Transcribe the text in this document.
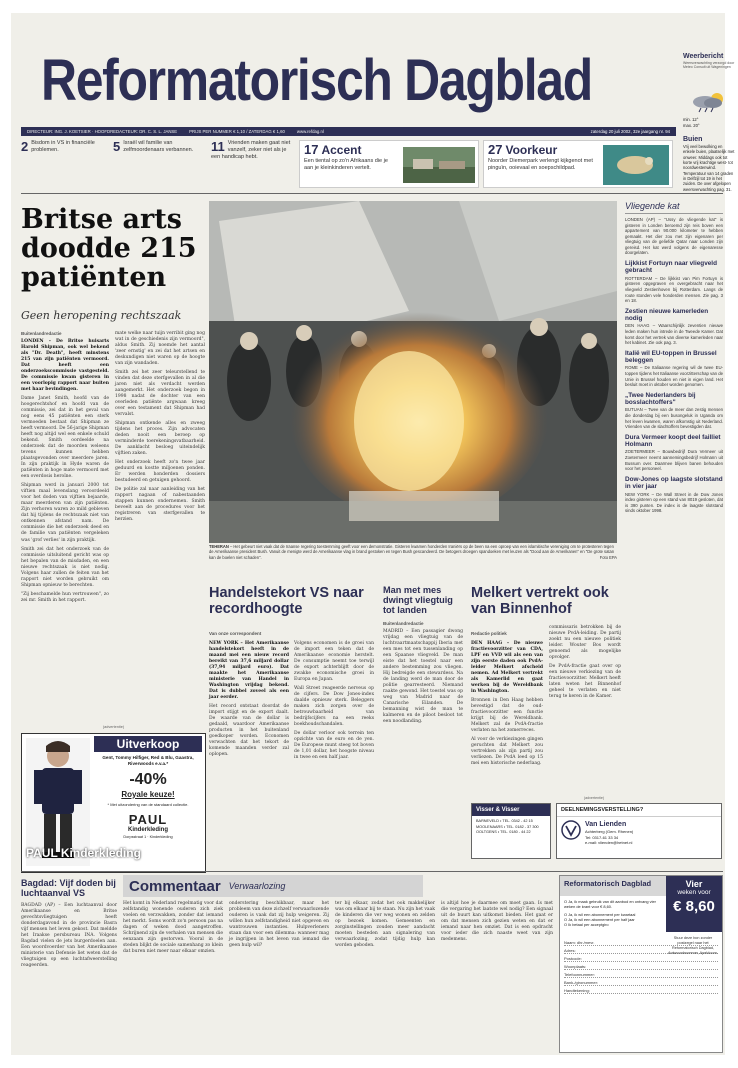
Reformatorisch Dagblad	Weerbericht
Weersverwachting verzorgd door Meteo Consult uit Wageningen
min. 12°
max. 20°
Buien
Vrij veel bewolking en enkele buien, plaatselijk met onweer. Middags ook tot korte vrij krachtige west- tot noordwestenwind. Temperatuur van 14 graden in Delfzijl tot 19 in het zuiden. De over afgelopen weersverwachting pag. 31.
DIRECTEUR: ING. J. KOETSIER · HOOFDREDACTEUR: DR. C. S. L. JANSE	PRIJS PER NUMMER € 1,10 / ZATERDAG € 1,60	www.refdag.nl	zaterdag 20 juli 2002, 32e jaargang nr. 94
2 Bisdom in VS in financiële problemen.	5 Israël wil familie van zelfmoordenaars verbannen.	11 Vrienden maken gaat niet vanzelf, zeker niet als je een handicap hebt.	17 Accent
Een tiental op zo'n Afrikaans die je aan je kleinkinderen vertelt.
27 Voorkeur
Noorder Diemerpark verlengt kijkgenot met pinguïn, ooievaal en soepschildpad.
Britse arts doodde 215 patiënten
Geen heropening rechtszaak
Buitenlandredactie

LONDEN – De Britse huisarts Harold Shipman, ook wel bekend als "Dr. Death", heeft minstens 215 van zijn patiënten vermoord. Dat heeft een onderzoekscommissie vastgesteld. De commissie kwam gisteren in een voorlopig rapport naar buiten met haar bevindingen.

Dame Janet Smith, hoofd van de hoogerechtshof en hoofd van de commissie, zei dat in het geval van nog eens 45 patiënten een sterk vermoeden bestaat dat Shipman ze heeft vermoord. De 56-jarige Shipman heeft nog altijd wel een enkele schuld bekend. Smith oordeelde na onderzoek dat de moorden weleens tevens kunnen hebben plaatsgevonden over meerdere jaren. In zijn praktijk in Hyde waren de patiënten in hoge mate vermoord met een overdosis heroïne.

Shipman werd in januari 2000 tot viftien maal levenslang veroordeeld voor het doden van vijftien bejaarde, maar meerderen van zijn patiënten. Zijn verhoren waren zo mild gebleven dat hij tijdens de rechtszaak niet van ontkennen afstand nam. De commissie die het onderzoek deed en de familie van patiënten vergeleken was 'grof verlies' in zijn praktijk.

Smith zei dat het onderzoek van de commissie uitsluitend gericht was op het bepalen van de misdaden, en een nieuwe rechtszaak is niet nodig. Volgens haar zullen de feiten van het rapport niet worden gebruikt om Shipman opnieuw te berechten.

"Zij beschamelde hun vertrouwen", zo zei mr. Smith in het rapport.

mate welke naar tuijn verribit ging nog wat in de geschiedenis zijn vermoord", aldus Smith. Zij noemde het aantal 'zeer ernstig' en zei dat het artsen en deskundigen niet waren op de hoogte van zijn wandaden.

Smith zei het zeer teleurstellend te vinden dat deze sterfgevallen in al die jaren niet als verdacht werden aangemerkt. Het onderzoek begon in 1998 nadat de dochter van een overleden patiënte argwaan kreeg over een testament dat Shipman had vervalst.

Shipman ontkende alles en zweeg tijdens het proces. Zijn advocaten deden nooit een beroep op verminderde toerekeningsvatbaarheid. De aanklacht besloeg uiteindelijk vijftien zaken.

Het onderzoek heeft zo'n twee jaar geduurd en kostte miljoenen ponden. Er werden honderden dossiers bestudeerd en getuigen gehoord.

De politie zal naar aanleiding van het rapport nagaan of nabestaanden stappen kunnen ondernemen. Smith beveelt aan de procedures voor het registreren van sterfgevallen te herzien.

TEHERAN – Het gebeurt niet vaak dat de Iraanse regering toestemming geeft voor een demonstratie. Gisteren kwamen honderden Iraniërs op de been na een oproep van een islamitische vereniging om te protesteren tegen de Amerikaanse president Bush. Vanuit de menigte werd de Amerikaanse vlag in brand gestoken en tegen Bush gescandeerd. De betogers droegen spandoeken met leuzen als "Dood aan de Amerikanen" en "De grote satan kan de boelen niet schaden".	Foto EPA
Vliegende kat
LONDEN (AP) – "Ussy de vliegende kat" is gisteren in Londen beroemd zijn reis boven een appartement van 90.000 kilometer te hebben gemaakt. Het dier zou met zijn eigenaren per vliegtuig van de geliefde Qatar naar Londen zijn gereisd. Het kat werd volgens de eigenaresse doorgelaten.
Lijkkist Fortuyn naar vliegveld gebracht
ROTTERDAM – De lijkkist van Pim Fortuyn is gisteren opgegraven en overgebracht naar het vliegveld Zestienhoven bij Rotterdam. Langs de route stonden vele honderden mensen. Zie pag. 3 en 18.
Zestien nieuwe kamerleden nodig
DEN HAAG – Waarschijnlijk zeventien nieuwe leden maken hun intrede in de Tweede Kamer. Dat komt door het vertrek van diverse kamerleden naar het kabinet. Zie ook pag. 3.
Italië wil EU-toppen in Brussel beleggen
ROME – De Italiaanse regering wil de twee EU-toppen tijdens het Italiaanse voorzitterschap van de Unie in Brussel houden en niet in eigen land. Het besluit moet in oktober worden genomen.
„Twee Nederlanders bij bosslachtoffers"
BUTUAN – Twee van de meer dan zestig mensen die donderdag bij een busongeluk in Uganda om het leven kwamen, waren afkomstig uit Nederland. Vrienden van de slachtoffers bevestigden dat.
Dura Vermeer koopt deel failliet Holmann
ZOETERMEER – Bouwbedrijf Dura Vermeer uit Zoetermeer neemt aannemingsbedrijf Holmann uit Bussum over. Daarmee blijven banen behouden voor het personeel.
Dow-Jones op laagste slotstand in vier jaar
NEW YORK – De Wall Street in de Dow Jones index gisteren op een stand van 8019 gesloten, dat is 390 punten. De index is de laagste slotstand sinds oktober 1998.
Handelstekort VS naar recordhoogte
Van onze correspondent

NEW YORK – Het Amerikaanse handelstekort heeft in de maand mei een nieuw record bereikt van 37,6 miljard dollar (37,94 miljard euro). Dat maakte het Amerikaanse ministerie van Handel in Washington vrijdag bekend. Dat is dubbel zoveel als een jaar eerder.

Het record ontstaat doordat de import stijgt en de export daalt. De waarde van de dollar is gedaald, waardoor Amerikaanse producten in het buitenland goedkoper worden. Economen verwachten dat het tekort de komende maanden verder zal oplopen.

Volgens economen is de groei van de import een teken dat de Amerikaanse economie herstelt. De consumptie neemt toe terwijl de export achterblijft door de zwakke economische groei in Europa en Japan.

Wall Street reageerde nerveus op de cijfers. De Dow Jones-index daalde opnieuw sterk. Beleggers maken zich zorgen over de betrouwbaarheid van bedrijfscijfers na een reeks boekhoudschandalen.

De dollar verloor ook terrein ten opzichte van de euro en de yen. De Europese munt steeg tot boven de 1,01 dollar, het hoogste niveau in twee en een half jaar.

Man met mes dwingt vliegtuig tot landen
Buitenlandredactie
MADRID – Een passagier dwong vrijdag een vliegtuig van de luchtvaartmaatschappij Iberia met een mes tot een tussenlanding op een Spaanse vliegveld. De man eiste dat het toestel naar een andere bestemming zou vliegen. Hij bedreigde een stewardess. Na de landing werd de man door de politie gearresteerd. Niemand raakte gewond. Het toestel was op weg van Madrid naar de Canarische Eilanden. De bemanning wist de man te kalmeren en de piloot besloot tot een noodlanding.
Melkert vertrekt ook van Binnenhof
Redactie politiek

DEN HAAG – De nieuwe fractievoorzitter van CDA, LPF en VVD wil als een van zijn eerste daden ook PvdA-leider Melkert afscheid nemen. Ad Melkert vertrekt als Kamerlid en gaat werken bij de Wereldbank in Washington.

Bronnen in Den Haag hebben bevestigd dat de oud-fractievoorzitter een functie krijgt bij de Wereldbank. Melkert zal de PvdA-fractie verlaten na het zomerreces.

Al voor de verkiezingen gingen geruchten dat Melkert zou vertrekken als zijn partij zou verliezen. De PvdA leed op 15 mei een historische nederlaag.

commissaris betrokken bij de nieuwe PvdA-leiding. De partij zoekt nu een nieuwe politiek leider. Wouter Bos wordt genoemd als mogelijke opvolger.

De PvdA-fractie gaat over op een nieuwe verkiezing van de fractievoorzitter. Melkert heeft laten weten het Binnenhof geheel te verlaten en niet terug te keren in de Kamer.

Visser & Visser
BARNEVELD • TEL. 0342 - 42 15
MOOLENAARS • TEL. 0182 - 37 300
OOLTGENS • TEL. 0180 - 44 22
(advertentie)
DEELNEMINGSVERSTELLING?
Van Lienden
Achterberg (Gem. Rhenen)
Tel: 0317-61 33 34
e-mail: vlienden@hetnet.nl
(advertentie)
Uitverkoop
Gent, Tommy Hilfiger, Red & Blu, Gaastra, Riverwoods e.v.a.*
-40%
Royale keuze!
* Met uitzondering van de standaard collectie.
PAUL
Kinderkleding
Dorpsstraat 1 · Kinderkleding
PAUL Kinderkleding
Bagdad: Vijf doden bij luchtaanval VS
BAGDAD (AP) – Een luchtaanval door Amerikaanse en Britse gevechtsvliegtuigen heeft donderdagavond in de provincie Basra vijf mensen het leven gekost. Dat meldde het Iraakse persbureau INA. Volgens Bagdad vielen de jets burgerdoelen aan. Een woordvoerder van het Amerikaanse ministerie van Defensie liet weten dat de vliegtuigen op een luchtafweerstelling reageerden.
Commentaar Verwaarlozing
Het komt in Nederland regelmatig voor dat zelfstandig wonende ouderen zich ziek voelen en verzwakken, zonder dat iemand het merkt. Soms wordt zo'n persoon pas na dagen of weken dood aangetroffen. Schrijnend zijn de verhalen van mensen die eenzaam zijn gestorven. Vooral in de steden blijkt de sociale samenhang zo klein dat buren niet meer naar elkaar omzien.
onderstering beschikbaar, maar het probleem van deze zichzelf verwaarlozende ouderen is vaak dat zij hulp weigeren. Zij willen hun zelfstandigheid niet opgeven en wantrouwen instanties. Hulpverleners staan dan voor een dilemma: wanneer mag je ingrijpen in het leven van iemand die geen hulp wil?
ter bij elkaar, zodat het ook makkelijker was om elkaar bij te staan. Nu zijn het vaak de kinderen die ver weg wonen en zelden op bezoek komen. Gemeenten en zorginstellingen zouden meer aandacht moeten besteden aan signalering van verwaarlozing, zodat tijdig hulp kan worden geboden.
is altijd hoe je daarmee om moet gaan. Is met die vergaring het laatste wel nodig? Een signaal uit de buurt kan uitkomst bieden. Het gaat er om dat mensen zich gezien weten en dat er iemand naar hen omziet. Dat is een opdracht voor ieder die zich naaste weet van zijn medemens.
Reformatorisch Dagblad	Vier
weken voor
€ 8,60
O Ja, ik maak gebruik van dit aanbod en ontvang vier weken de krant voor € 8,60.
O Ja, ik wil een abonnement per kwartaal
O Ja, ik wil een abonnement per half jaar
O Ik betaal per acceptgiro
Naam: dhr./mevr.
Adres:
Postcode:
Woonplaats:
Telefoonnummer:
Bank-/gironummer:
Handtekening:
Stuur deze bon zonder postzegel naar het Reformatorisch Dagblad, Antwoordnummer, Apeldoorn.
